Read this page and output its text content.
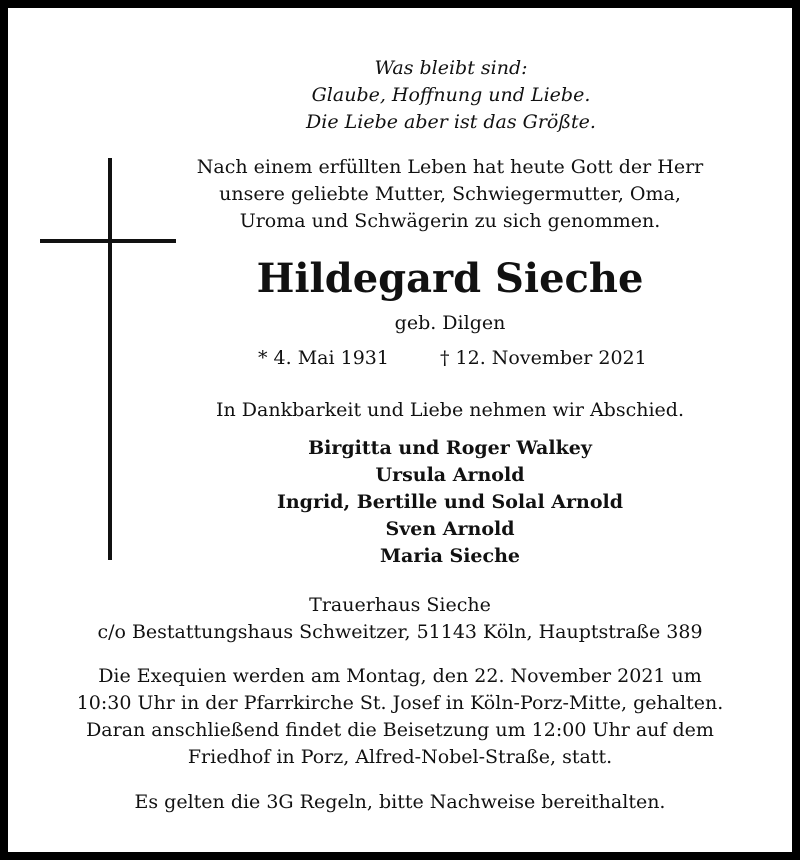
Was bleibt sind:
Glaube, Hoffnung und Liebe.
Die Liebe aber ist das Größte.
Nach einem erfüllten Leben hat heute Gott der Herr
unsere geliebte Mutter, Schwiegermutter, Oma,
Uroma und Schwägerin zu sich genommen.
Hildegard Sieche
geb. Dilgen
* 4. Mai 1931	† 12. November 2021
In Dankbarkeit und Liebe nehmen wir Abschied.
Birgitta und Roger Walkey
Ursula Arnold
Ingrid, Bertille und Solal Arnold
Sven Arnold
Maria Sieche
Trauerhaus Sieche
c/o Bestattungshaus Schweitzer, 51143 Köln, Hauptstraße 389
Die Exequien werden am Montag, den 22. November 2021 um
10:30 Uhr in der Pfarrkirche St. Josef in Köln-Porz-Mitte, gehalten.
Daran anschließend findet die Beisetzung um 12:00 Uhr auf dem
Friedhof in Porz, Alfred-Nobel-Straße, statt.
Es gelten die 3G Regeln, bitte Nachweise bereithalten.
